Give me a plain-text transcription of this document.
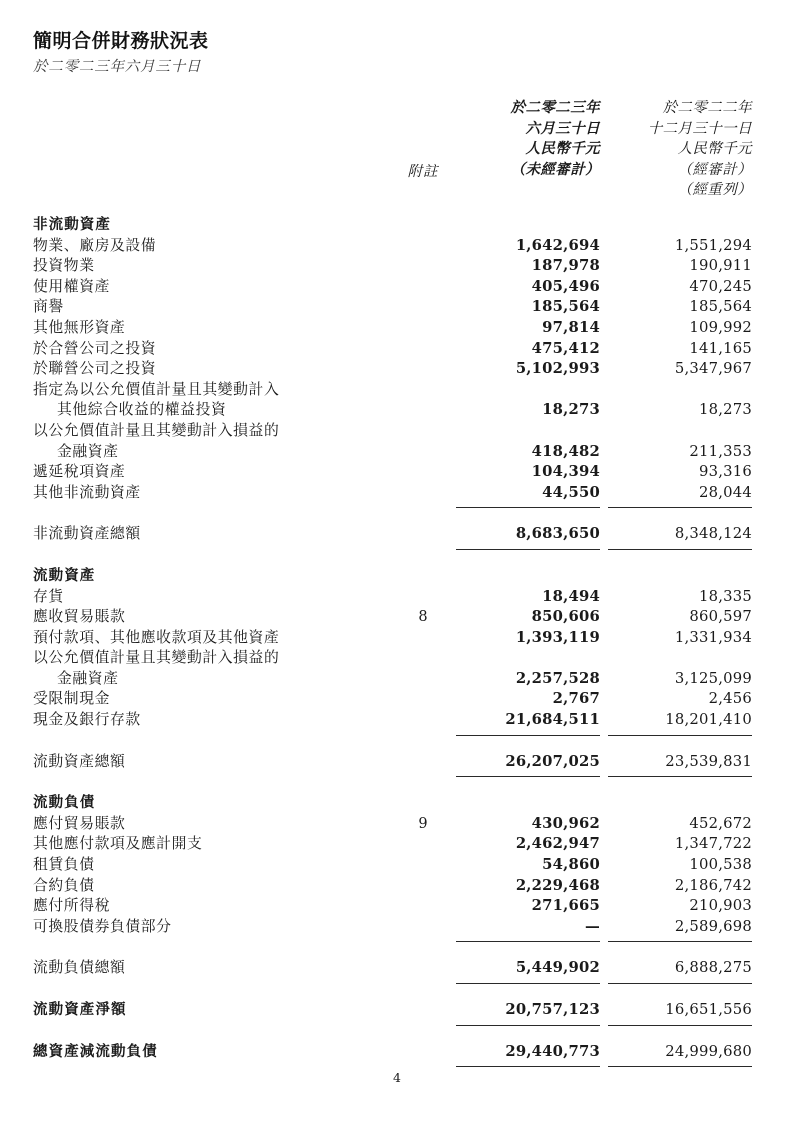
簡明合併財務狀況表
於二零二三年六月三十日
附註
於二零二三年
六月三十日
人民幣千元
（未經審計）
於二零二二年
十二月三十一日
人民幣千元
（經審計）
（經重列）
非流動資產
物業、廠房及設備	1,642,694	1,551,294
投資物業	187,978	190,911
使用權資產	405,496	470,245
商譽	185,564	185,564
其他無形資產	97,814	109,992
於合營公司之投資	475,412	141,165
於聯營公司之投資	5,102,993	5,347,967
指定為以公允價值計量且其變動計入
其他綜合收益的權益投資	18,273	18,273
以公允價值計量且其變動計入損益的
金融資產	418,482	211,353
遞延稅項資產	104,394	93,316
其他非流動資產	44,550	28,044
非流動資產總額	8,683,650	8,348,124
流動資產
存貨	18,494	18,335
應收貿易賬款	8	850,606	860,597
預付款項、其他應收款項及其他資產	1,393,119	1,331,934
以公允價值計量且其變動計入損益的
金融資產	2,257,528	3,125,099
受限制現金	2,767	2,456
現金及銀行存款	21,684,511	18,201,410
流動資產總額	26,207,025	23,539,831
流動負債
應付貿易賬款	9	430,962	452,672
其他應付款項及應計開支	2,462,947	1,347,722
租賃負債	54,860	100,538
合約負債	2,229,468	2,186,742
應付所得稅	271,665	210,903
可換股債券負債部分	—	2,589,698
流動負債總額	5,449,902	6,888,275
流動資產淨額	20,757,123	16,651,556
總資產減流動負債	29,440,773	24,999,680
4
